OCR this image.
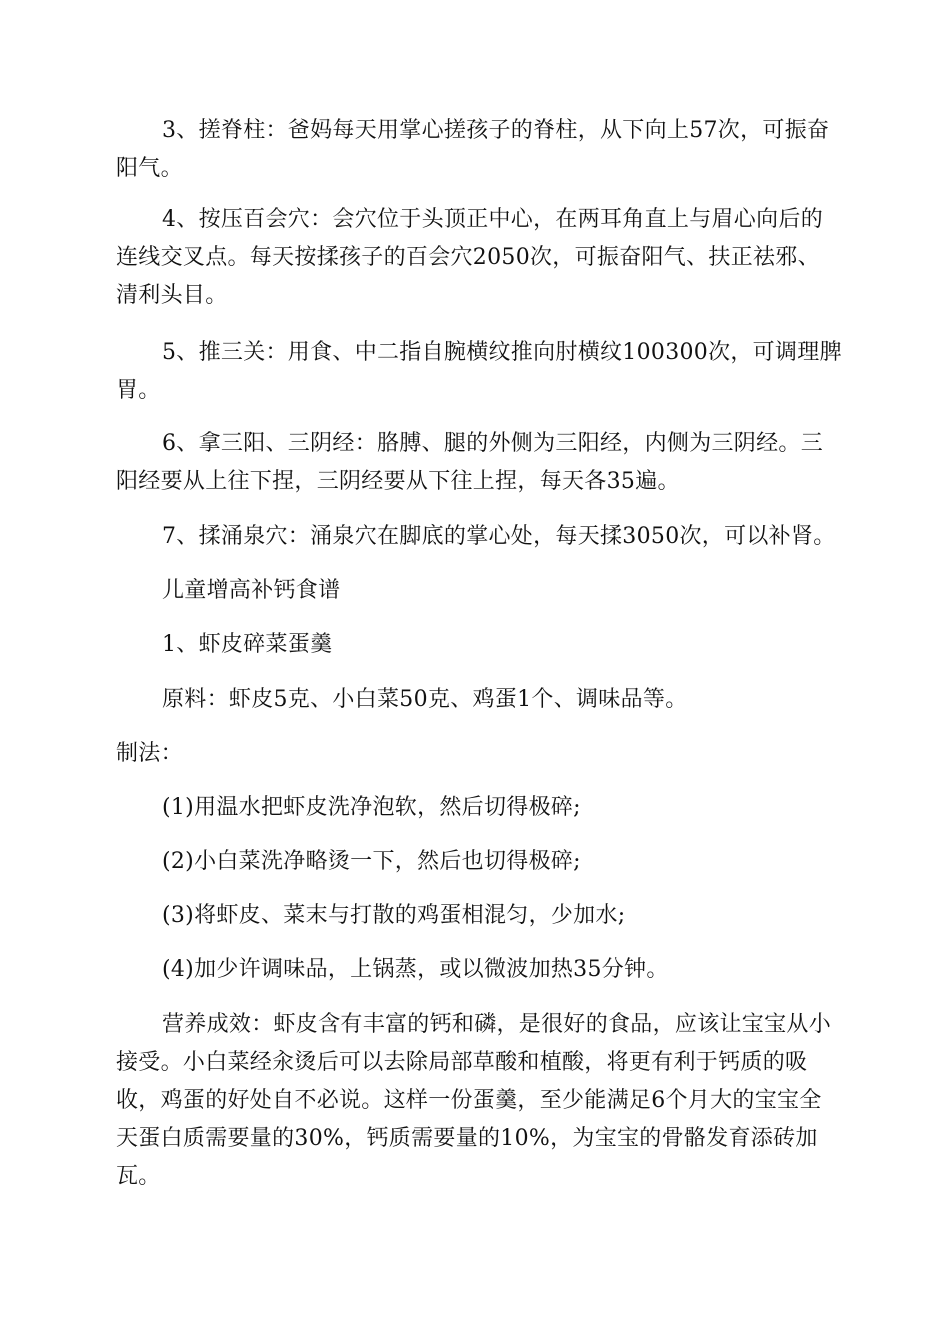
3、搓脊柱：爸妈每天用掌心搓孩子的脊柱，从下向上57次，可振奋
阳气。

4、按压百会穴：会穴位于头顶正中心，在两耳角直上与眉心向后的
连线交叉点。每天按揉孩子的百会穴2050次，可振奋阳气、扶正祛邪、
清利头目。

5、推三关：用食、中二指自腕横纹推向肘横纹100300次，可调理脾
胃。

6、拿三阳、三阴经：胳膊、腿的外侧为三阳经，内侧为三阴经。三
阳经要从上往下捏，三阴经要从下往上捏，每天各35遍。

7、揉涌泉穴：涌泉穴在脚底的掌心处，每天揉3050次，可以补肾。

儿童增高补钙食谱

1、虾皮碎菜蛋羹

原料：虾皮5克、小白菜50克、鸡蛋1个、调味品等。

制法：

(1)用温水把虾皮洗净泡软，然后切得极碎;

(2)小白菜洗净略烫一下，然后也切得极碎;

(3)将虾皮、菜末与打散的鸡蛋相混匀，少加水;

(4)加少许调味品，上锅蒸，或以微波加热35分钟。

营养成效：虾皮含有丰富的钙和磷，是很好的食品，应该让宝宝从小
接受。小白菜经汆烫后可以去除局部草酸和植酸，将更有利于钙质的吸
收，鸡蛋的好处自不必说。这样一份蛋羹，至少能满足6个月大的宝宝全
天蛋白质需要量的30%，钙质需要量的10%，为宝宝的骨骼发育添砖加
瓦。
